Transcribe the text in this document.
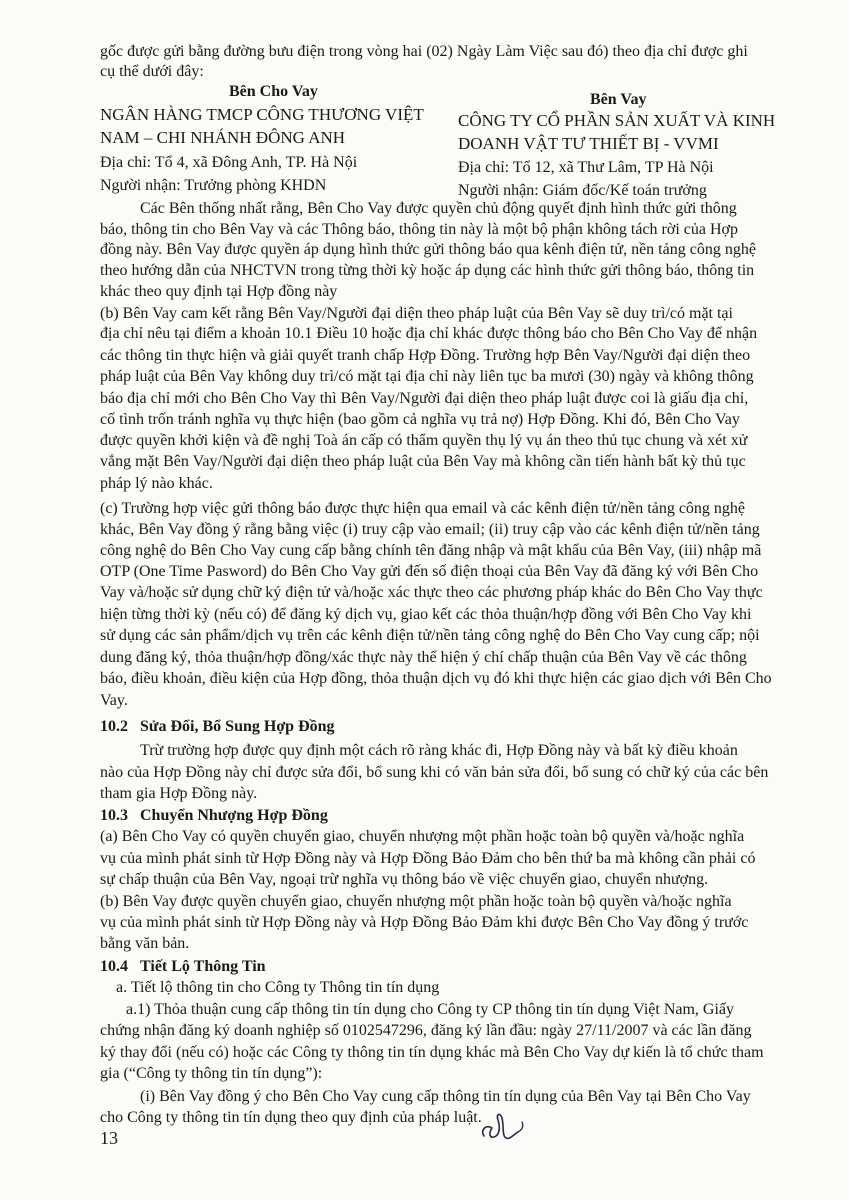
gốc được gửi bằng đường bưu điện trong vòng hai (02) Ngày Làm Việc sau đó) theo địa chỉ được ghi
cụ thể dưới đây:
Bên Cho Vay
NGÂN HÀNG TMCP CÔNG THƯƠNG VIỆT
NAM – CHI NHÁNH ĐÔNG ANH
Địa chỉ: Tổ 4, xã Đông Anh, TP. Hà Nội
Người nhận: Trưởng phòng KHDN
Bên Vay
CÔNG TY CỔ PHẦN SẢN XUẤT VÀ KINH
DOANH VẬT TƯ THIẾT BỊ - VVMI
Địa chỉ: Tổ 12, xã Thư Lâm, TP Hà Nội
Người nhận: Giám đốc/Kế toán trưởng
Các Bên thống nhất rằng, Bên Cho Vay được quyền chủ động quyết định hình thức gửi thông
báo, thông tin cho Bên Vay và các Thông báo, thông tin này là một bộ phận không tách rời của Hợp
đồng này. Bên Vay được quyền áp dụng hình thức gửi thông báo qua kênh điện tử, nền tảng công nghệ
theo hướng dẫn của NHCTVN trong từng thời kỳ hoặc áp dụng các hình thức gửi thông báo, thông tin
khác theo quy định tại Hợp đồng này
(b) Bên Vay cam kết rằng Bên Vay/Người đại diện theo pháp luật của Bên Vay sẽ duy trì/có mặt tại
địa chỉ nêu tại điểm a khoản 10.1 Điều 10 hoặc địa chỉ khác được thông báo cho Bên Cho Vay để nhận
các thông tin thực hiện và giải quyết tranh chấp Hợp Đồng. Trường hợp Bên Vay/Người đại diện theo
pháp luật của Bên Vay không duy trì/có mặt tại địa chỉ này liên tục ba mươi (30) ngày và không thông
báo địa chỉ mới cho Bên Cho Vay thì Bên Vay/Người đại diện theo pháp luật được coi là giấu địa chỉ,
cố tình trốn tránh nghĩa vụ thực hiện (bao gồm cả nghĩa vụ trả nợ) Hợp Đồng. Khi đó, Bên Cho Vay
được quyền khởi kiện và đề nghị Toà án cấp có thẩm quyền thụ lý vụ án theo thủ tục chung và xét xử
vắng mặt Bên Vay/Người đại diện theo pháp luật của Bên Vay mà không cần tiến hành bất kỳ thủ tục
pháp lý nào khác.
(c) Trường hợp việc gửi thông báo được thực hiện qua email và các kênh điện tử/nền tảng công nghệ
khác, Bên Vay đồng ý rằng bằng việc (i) truy cập vào email; (ii) truy cập vào các kênh điện tử/nền tảng
công nghệ do Bên Cho Vay cung cấp bằng chính tên đăng nhập và mật khẩu của Bên Vay, (iii) nhập mã
OTP (One Time Pasword) do Bên Cho Vay gửi đến số điện thoại của Bên Vay đã đăng ký với Bên Cho
Vay và/hoặc sử dụng chữ ký điện tử và/hoặc xác thực theo các phương pháp khác do Bên Cho Vay thực
hiện từng thời kỳ (nếu có) để đăng ký dịch vụ, giao kết các thỏa thuận/hợp đồng với Bên Cho Vay khi
sử dụng các sản phẩm/dịch vụ trên các kênh điện tử/nền tảng công nghệ do Bên Cho Vay cung cấp; nội
dung đăng ký, thỏa thuận/hợp đồng/xác thực này thể hiện ý chí chấp thuận của Bên Vay về các thông
báo, điều khoản, điều kiện của Hợp đồng, thỏa thuận dịch vụ đó khi thực hiện các giao dịch với Bên Cho
Vay.
10.2 Sửa Đổi, Bổ Sung Hợp Đồng
Trừ trường hợp được quy định một cách rõ ràng khác đi, Hợp Đồng này và bất kỳ điều khoản
nào của Hợp Đồng này chỉ được sửa đổi, bổ sung khi có văn bản sửa đổi, bổ sung có chữ ký của các bên
tham gia Hợp Đồng này.
10.3 Chuyển Nhượng Hợp Đồng
(a) Bên Cho Vay có quyền chuyển giao, chuyển nhượng một phần hoặc toàn bộ quyền và/hoặc nghĩa
vụ của mình phát sinh từ Hợp Đồng này và Hợp Đồng Bảo Đảm cho bên thứ ba mà không cần phải có
sự chấp thuận của Bên Vay, ngoại trừ nghĩa vụ thông báo về việc chuyển giao, chuyển nhượng.
(b) Bên Vay được quyền chuyển giao, chuyển nhượng một phần hoặc toàn bộ quyền và/hoặc nghĩa
vụ của mình phát sinh từ Hợp Đồng này và Hợp Đồng Bảo Đảm khi được Bên Cho Vay đồng ý trước
bằng văn bản.
10.4 Tiết Lộ Thông Tin
a. Tiết lộ thông tin cho Công ty Thông tin tín dụng
a.1) Thỏa thuận cung cấp thông tin tín dụng cho Công ty CP thông tin tín dụng Việt Nam, Giấy
chứng nhận đăng ký doanh nghiệp số 0102547296, đăng ký lần đầu: ngày 27/11/2007 và các lần đăng
ký thay đổi (nếu có) hoặc các Công ty thông tin tín dụng khác mà Bên Cho Vay dự kiến là tổ chức tham
gia (“Công ty thông tin tín dụng”):
(i) Bên Vay đồng ý cho Bên Cho Vay cung cấp thông tin tín dụng của Bên Vay tại Bên Cho Vay
cho Công ty thông tin tín dụng theo quy định của pháp luật.
13
